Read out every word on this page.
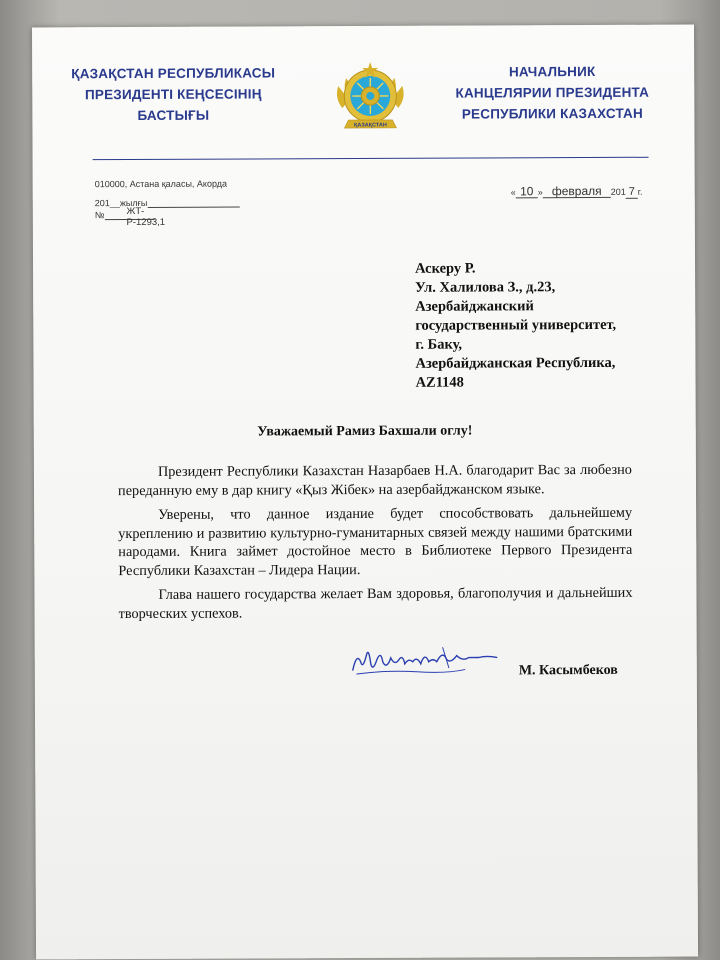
ҚАЗАҚСТАН РЕСПУБЛИКАСЫ
ПРЕЗИДЕНТІ КЕҢСЕСІНІҢ
БАСТЫҒЫ
ҚАЗАҚСТАН
НАЧАЛЬНИК
КАНЦЕЛЯРИИ ПРЕЗИДЕНТА
РЕСПУБЛИКИ КАЗАХСТАН
010000, Астана қаласы, Акорда
201__жылғы
№ ЖТ-Р-1293,1
« 10 » февраля 201 7 г.
Аскеру Р.
Ул. Халилова З., д.23,
Азербайджанский
государственный университет,
г. Баку,
Азербайджанская Республика,
AZ1148
Уважаемый Рамиз Бахшали оглу!

Президент Республики Казахстан Назарбаев Н.А. благодарит Вас за любезно переданную ему в дар книгу «Қыз Жібек» на азербайджанском языке.

Уверены, что данное издание будет способствовать дальнейшему укреплению и развитию культурно-гуманитарных связей между нашими братскими народами. Книга займет достойное место в Библиотеке Первого Президента Республики Казахстан – Лидера Нации.

Глава нашего государства желает Вам здоровья, благополучия и дальнейших творческих успехов.

М. Касымбеков
